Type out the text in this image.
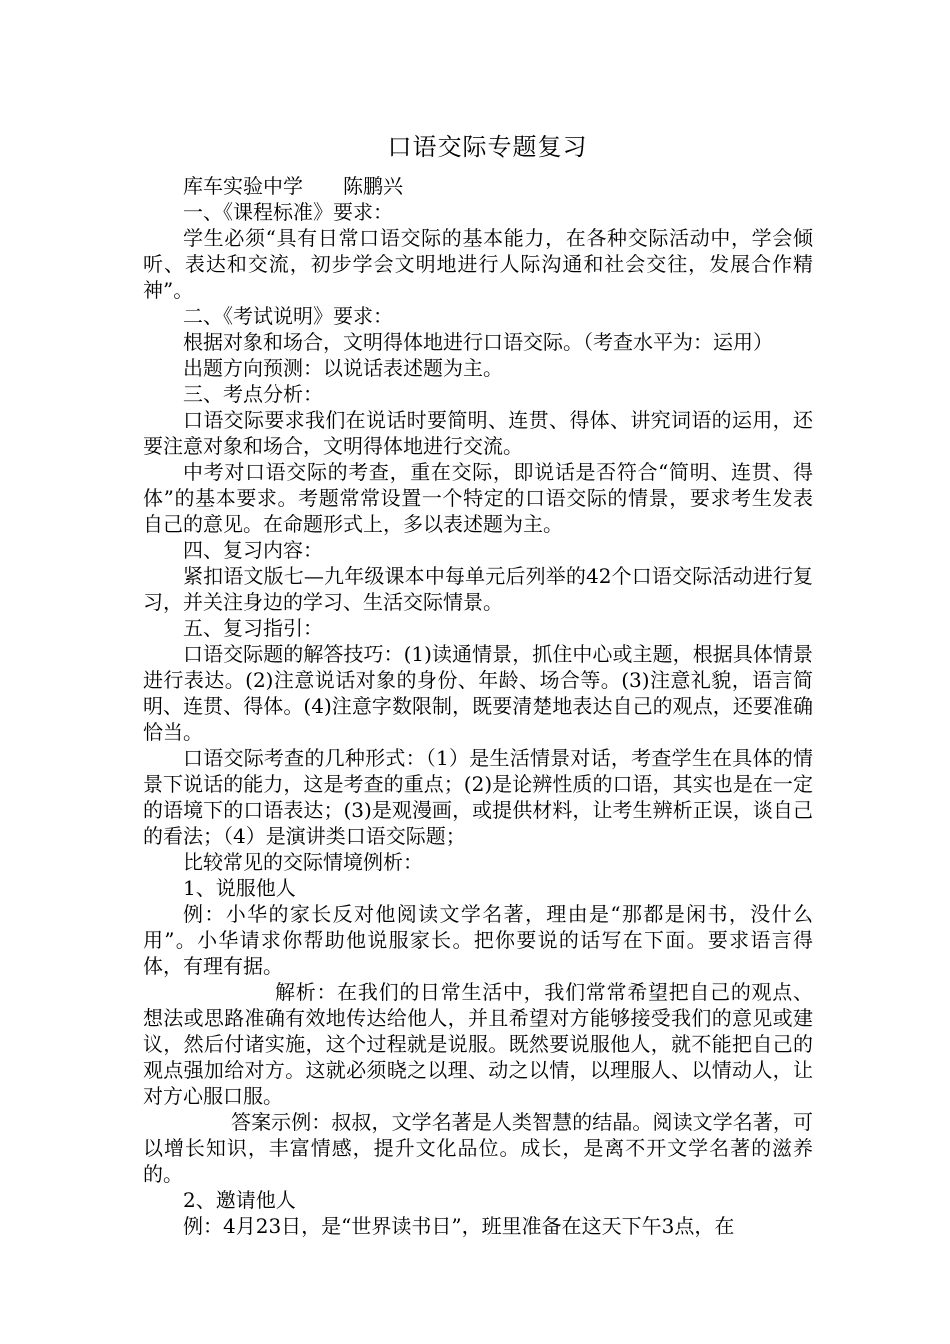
口语交际专题复习

库车实验中学　　陈鹏兴

一、《课程标准》要求：

学生必须“具有日常口语交际的基本能力，在各种交际活动中，学会倾听、表达和交流，初步学会文明地进行人际沟通和社会交往，发展合作精神”。

二、《考试说明》要求：

根据对象和场合，文明得体地进行口语交际。（考查水平为：运用）

出题方向预测：以说话表述题为主。

三、考点分析：

口语交际要求我们在说话时要简明、连贯、得体、讲究词语的运用，还要注意对象和场合，文明得体地进行交流。

中考对口语交际的考查，重在交际，即说话是否符合“简明、连贯、得体”的基本要求。考题常常设置一个特定的口语交际的情景，要求考生发表自己的意见。在命题形式上，多以表述题为主。

四、复习内容：

紧扣语文版七—九年级课本中每单元后列举的42个口语交际活动进行复习，并关注身边的学习、生活交际情景。

五、复习指引：

口语交际题的解答技巧：(1)读通情景，抓住中心或主题，根据具体情景进行表达。(2)注意说话对象的身份、年龄、场合等。(3)注意礼貌，语言简明、连贯、得体。(4)注意字数限制，既要清楚地表达自己的观点，还要准确恰当。

口语交际考查的几种形式：（1）是生活情景对话，考查学生在具体的情景下说话的能力，这是考查的重点；(2)是论辨性质的口语，其实也是在一定的语境下的口语表达；(3)是观漫画，或提供材料，让考生辨析正误，谈自己的看法；（4）是演讲类口语交际题；

比较常见的交际情境例析：

1、说服他人

例：小华的家长反对他阅读文学名著，理由是“那都是闲书，没什么用”。小华请求你帮助他说服家长。把你要说的话写在下面。要求语言得体，有理有据。

解析：在我们的日常生活中，我们常常希望把自己的观点、想法或思路准确有效地传达给他人，并且希望对方能够接受我们的意见或建议，然后付诸实施，这个过程就是说服。既然要说服他人，就不能把自己的观点强加给对方。这就必须晓之以理、动之以情，以理服人、以情动人，让对方心服口服。

答案示例：叔叔，文学名著是人类智慧的结晶。阅读文学名著，可以增长知识，丰富情感，提升文化品位。成长，是离不开文学名著的滋养的。

2、邀请他人

例：4月23日，是“世界读书日”，班里准备在这天下午3点，在
